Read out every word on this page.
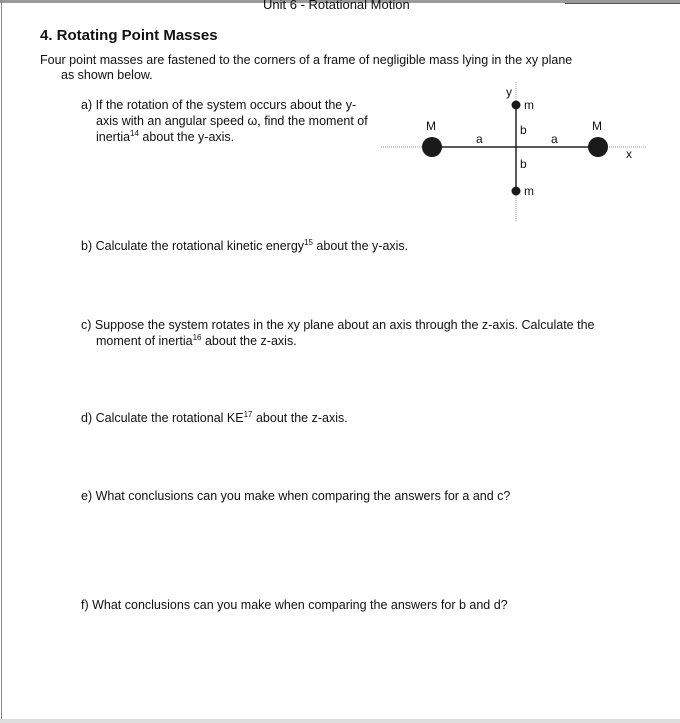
Unit 6 - Rotational Motion
4. Rotating Point Masses
Four point masses are fastened to the corners of a frame of negligible mass lying in the xy plane
as shown below.
a) If the rotation of the system occurs about the y-
axis with an angular speed ω, find the moment of
inertia$^{14}$ about the y-axis.
b) Calculate the rotational kinetic energy$^{15}$ about the y-axis.
c) Suppose the system rotates in the xy plane about an axis through the z-axis. Calculate the
moment of inertia$^{16}$ about the z-axis.
d) Calculate the rotational KE$^{17}$ about the z-axis.
e) What conclusions can you make when comparing the answers for a and c?
f) What conclusions can you make when comparing the answers for b and d?
y
x
M	M
m
m
a	a
b
b
